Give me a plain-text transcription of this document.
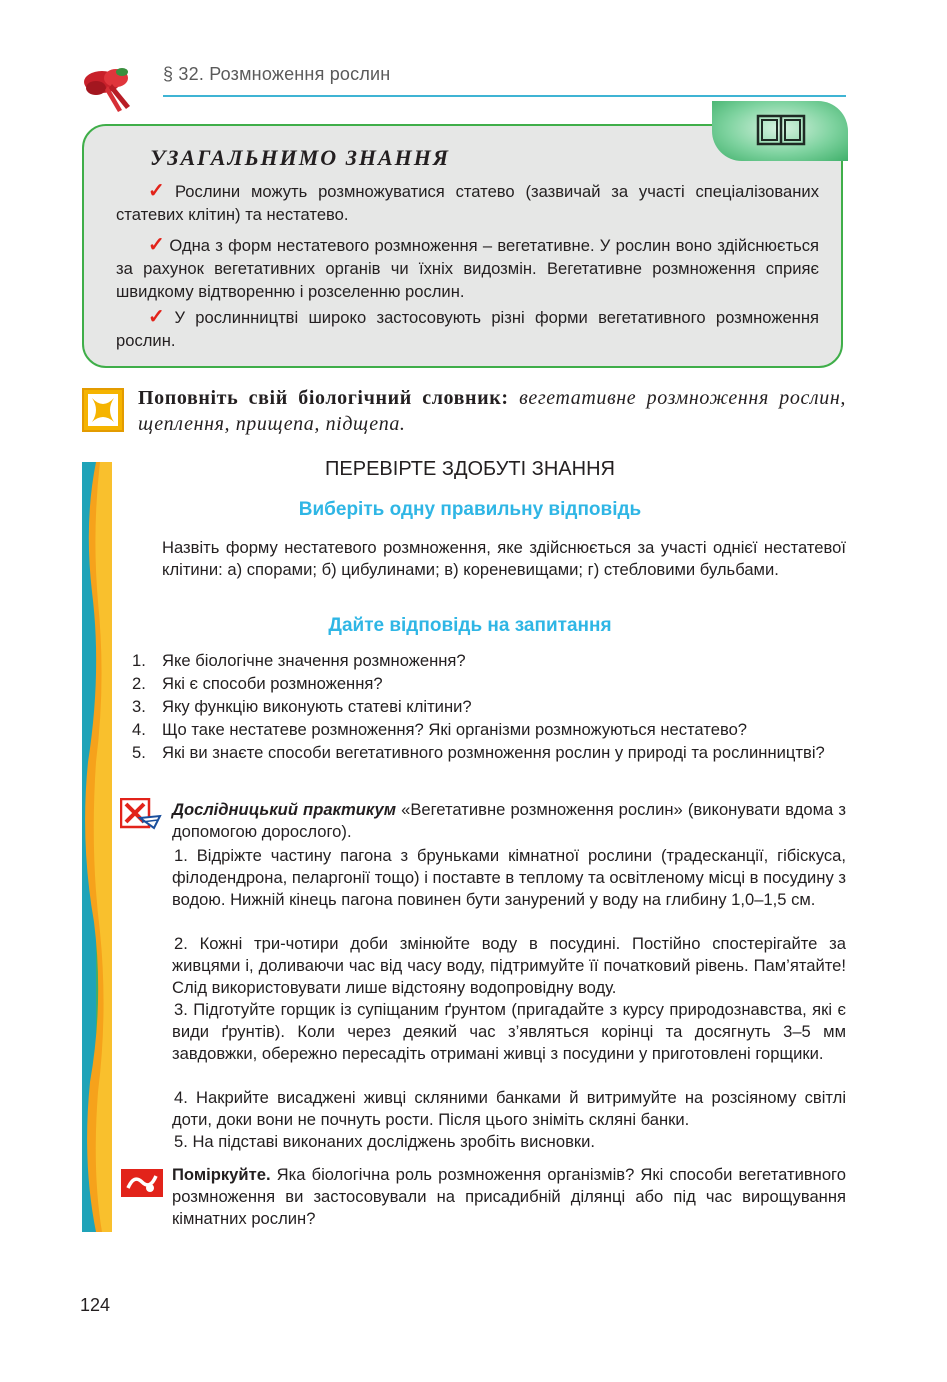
§ 32. Розмноження рослин
УЗАГАЛЬНИМО ЗНАННЯ
✓ Рослини можуть розмножуватися статево (зазвичай за участі спеціалізованих статевих клітин) та нестатево.
✓ Одна з форм нестатевого розмноження – вегетативне. У рослин воно здійснюється за рахунок вегетативних органів чи їхніх видозмін. Вегетативне розмноження сприяє швидкому відтворенню і розселенню рослин.
✓ У рослинництві широко застосовують різні форми вегетативного розмноження рослин.
Поповніть свій біологічний словник: вегетативне розмноження рослин, щеплення, прищепа, підщепа.
ПЕРЕВІРТЕ ЗДОБУТІ ЗНАННЯ
Виберіть одну правильну відповідь
Назвіть форму нестатевого розмноження, яке здійснюється за участі однієї нестатевої клітини: а) спорами; б) цибулинами; в) кореневищами; г) стебловими бульбами.
Дайте відповідь на запитання
1. Яке біологічне значення розмноження?
2. Які є способи розмноження?
3. Яку функцію виконують статеві клітини?
4. Що таке нестатеве розмноження? Які організми розмножуються нестатево?
5. Які ви знаєте способи вегетативного розмноження рослин у природі та рослинництві?
Дослідницький практикум «Вегетативне розмноження рослин» (виконувати вдома з допомогою дорослого).
1. Відріжте частину пагона з бруньками кімнатної рослини (традесканції, гібіскуса, філодендрона, пеларгонії тощо) і поставте в теплому та освітленому місці в посудину з водою. Нижній кінець пагона повинен бути занурений у воду на глибину 1,0–1,5 см.
2. Кожні три-чотири доби змінюйте воду в посудині. Постійно спостерігайте за живцями і, доливаючи час від часу воду, підтримуйте її початковий рівень. Пам’ятайте! Слід використовувати лише відстояну водопровідну воду.
3. Підготуйте горщик із супіщаним ґрунтом (пригадайте з курсу природознавства, які є види ґрунтів). Коли через деякий час з’являться корінці та досягнуть 3–5 мм завдовжки, обережно пересадіть отримані живці з посудини у приготовлені горщики.
4. Накрийте висаджені живці скляними банками й витримуйте на розсіяному світлі доти, доки вони не почнуть рости. Після цього зніміть скляні банки.
5. На підставі виконаних досліджень зробіть висновки.
Поміркуйте. Яка біологічна роль розмноження організмів? Які способи вегетативного розмноження ви застосовували на присадибній ділянці або під час вирощування кімнатних рослин?
124
